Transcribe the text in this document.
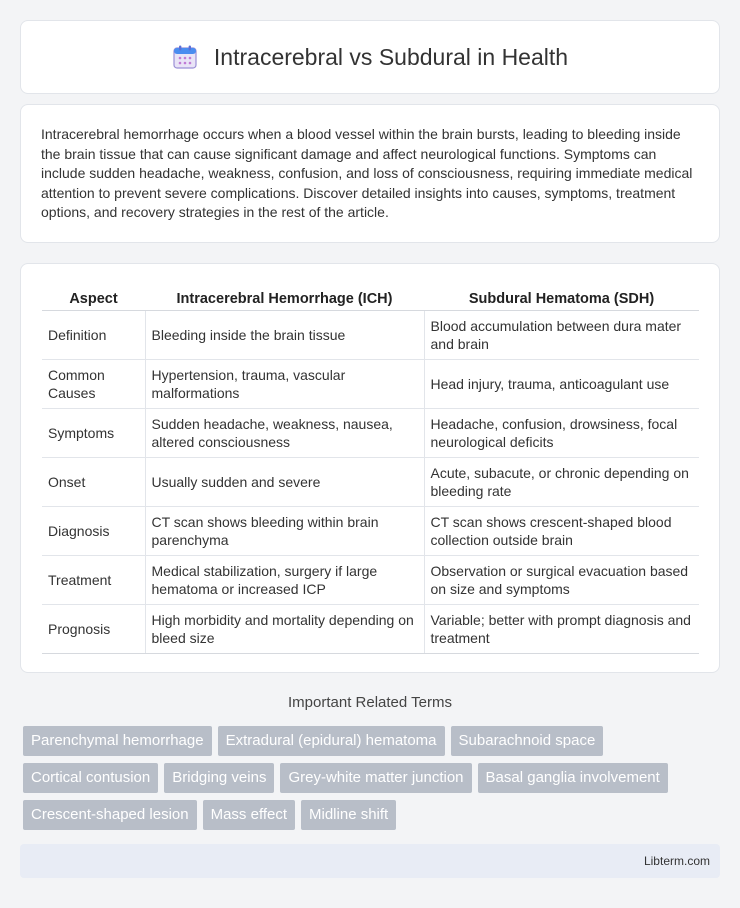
Intracerebral vs Subdural in Health

Intracerebral hemorrhage occurs when a blood vessel within the brain bursts, leading to bleeding inside the brain tissue that can cause significant damage and affect neurological functions. Symptoms can include sudden headache, weakness, confusion, and loss of consciousness, requiring immediate medical attention to prevent severe complications. Discover detailed insights into causes, symptoms, treatment options, and recovery strategies in the rest of the article.

Aspect	Intracerebral Hemorrhage (ICH)	Subdural Hematoma (SDH)
Definition	Bleeding inside the brain tissue	Blood accumulation between dura mater and brain
Common Causes	Hypertension, trauma, vascular malformations	Head injury, trauma, anticoagulant use
Symptoms	Sudden headache, weakness, nausea, altered consciousness	Headache, confusion, drowsiness, focal neurological deficits
Onset	Usually sudden and severe	Acute, subacute, or chronic depending on bleeding rate
Diagnosis	CT scan shows bleeding within brain parenchyma	CT scan shows crescent-shaped blood collection outside brain
Treatment	Medical stabilization, surgery if large hematoma or increased ICP	Observation or surgical evacuation based on size and symptoms
Prognosis	High morbidity and mortality depending on bleed size	Variable; better with prompt diagnosis and treatment
Important Related Terms
Parenchymal hemorrhage	Extradural (epidural) hematoma	Subarachnoid space
Cortical contusion	Bridging veins	Grey-white matter junction	Basal ganglia involvement
Crescent-shaped lesion	Mass effect	Midline shift
Libterm.com
